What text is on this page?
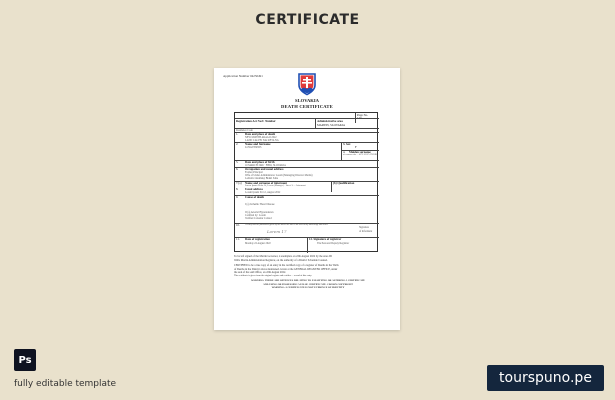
CERTIFICATE
Application Number 04250491
SLOVAKIA
DEATH CERTIFICATE
Page No.
147
Registration Act No/C Number	Administrative area
MARTIN, SLOVAKIA
Residence Code
1. Date and place of death
NEW MONTH ARAGO 2022
LAND CALVEI NAI RFTA NG
2. Name and Surname
LOVA ETRNIS
3. Sex
F
4. Maiden surname
of woman who ... 4570 LOVA HVOIB
5. Date and place of birth
10 MARCH 1946 · FIBO, SLOVAKIA
6. Occupation and usual address
Former Principal
Wife of Under Administrator Lorem (Managing Director Martin)
Ladislav Ozeimsky Biahri Sdna
7.(a) Name and surname of informant
Lorem Ipsum Dolor 34, Lorem (Manager) · Street S. ... Informant
(b) Qualification
Usual address
8.
Lorem Ipsum Sit 12, August 2022
9. Cause of death
I (a) Ischemic Heart Disease
II (a) Arterial Hypertension
Certified by: Lorem
Verified Consular Contact
10. I certify that the particulars given by me above are true to the best of my knowledge and belief
Signature
of Informant
Lorem 17
11. Date of registration
Monday 22 August 2022
12. Signature of registrar
The Personal Deputy Registrar
To be left signed of the Martin Governor, 4 exemplars on 22th August 2022 by the Area ID
Wells Martin Administration Registrar, on the authority of a District Schedule Counsel.
CERTIFIED to be a true copy of an entry in the certified copy of a register of Deaths in the Walls
of Deaths in the District above mentioned. Given at the GENERAL REGISTER OFFICE, under
the seal of the said Office, on 22th August 2022.
This certificate is given from the original register and certifies ... record of this entry.
WARNING: THERE ARE OFFENCES RELATING TO FALSIFYING OR ALTERING A CERTIFICATE
AND USING OR POSSESSING A FALSE CERTIFICATE. CROWN COPYRIGHT
WARNING: A CERTIFICATE IS NOT EVIDENCE OF IDENTITY
Ps
fully editable template	tourspuno.pe
